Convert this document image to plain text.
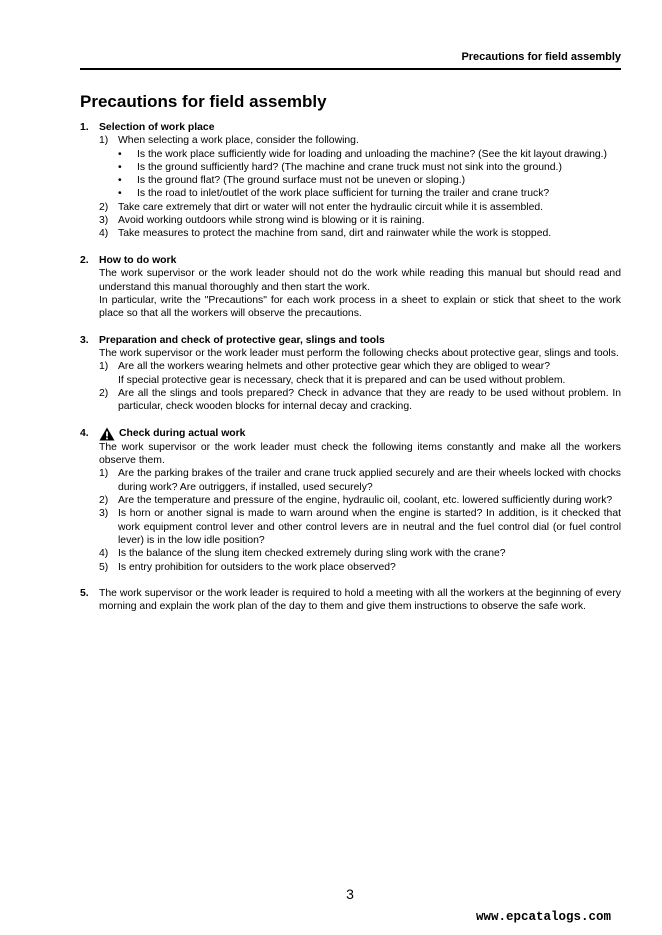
Precautions for field assembly
Precautions for field assembly
1. Selection of work place
1) When selecting a work place, consider the following.
• Is the work place sufficiently wide for loading and unloading the machine? (See the kit layout drawing.)
• Is the ground sufficiently hard? (The machine and crane truck must not sink into the ground.)
• Is the ground flat? (The ground surface must not be uneven or sloping.)
• Is the road to inlet/outlet of the work place sufficient for turning the trailer and crane truck?
2) Take care extremely that dirt or water will not enter the hydraulic circuit while it is assembled.
3) Avoid working outdoors while strong wind is blowing or it is raining.
4) Take measures to protect the machine from sand, dirt and rainwater while the work is stopped.
2. How to do work
The work supervisor or the work leader should not do the work while reading this manual but should read and understand this manual thoroughly and then start the work.
In particular, write the "Precautions" for each work process in a sheet to explain or stick that sheet to the work place so that all the workers will observe the precautions.
3. Preparation and check of protective gear, slings and tools
The work supervisor or the work leader must perform the following checks about protective gear, slings and tools.
1) Are all the workers wearing helmets and other protective gear which they are obliged to wear?
If special protective gear is necessary, check that it is prepared and can be used without problem.
2) Are all the slings and tools prepared? Check in advance that they are ready to be used without problem. In particular, check wooden blocks for internal decay and cracking.
4.	Check during actual work
The work supervisor or the work leader must check the following items constantly and make all the workers observe them.
1) Are the parking brakes of the trailer and crane truck applied securely and are their wheels locked with chocks during work? Are outriggers, if installed, used securely?
2) Are the temperature and pressure of the engine, hydraulic oil, coolant, etc. lowered sufficiently during work?
3) Is horn or another signal is made to warn around when the engine is started? In addition, is it checked that work equipment control lever and other control levers are in neutral and the fuel control dial (or fuel control lever) is in the low idle position?
4) Is the balance of the slung item checked extremely during sling work with the crane?
5) Is entry prohibition for outsiders to the work place observed?
5. The work supervisor or the work leader is required to hold a meeting with all the workers at the beginning of every morning and explain the work plan of the day to them and give them instructions to observe the safe work.
3
www.epcatalogs.com
